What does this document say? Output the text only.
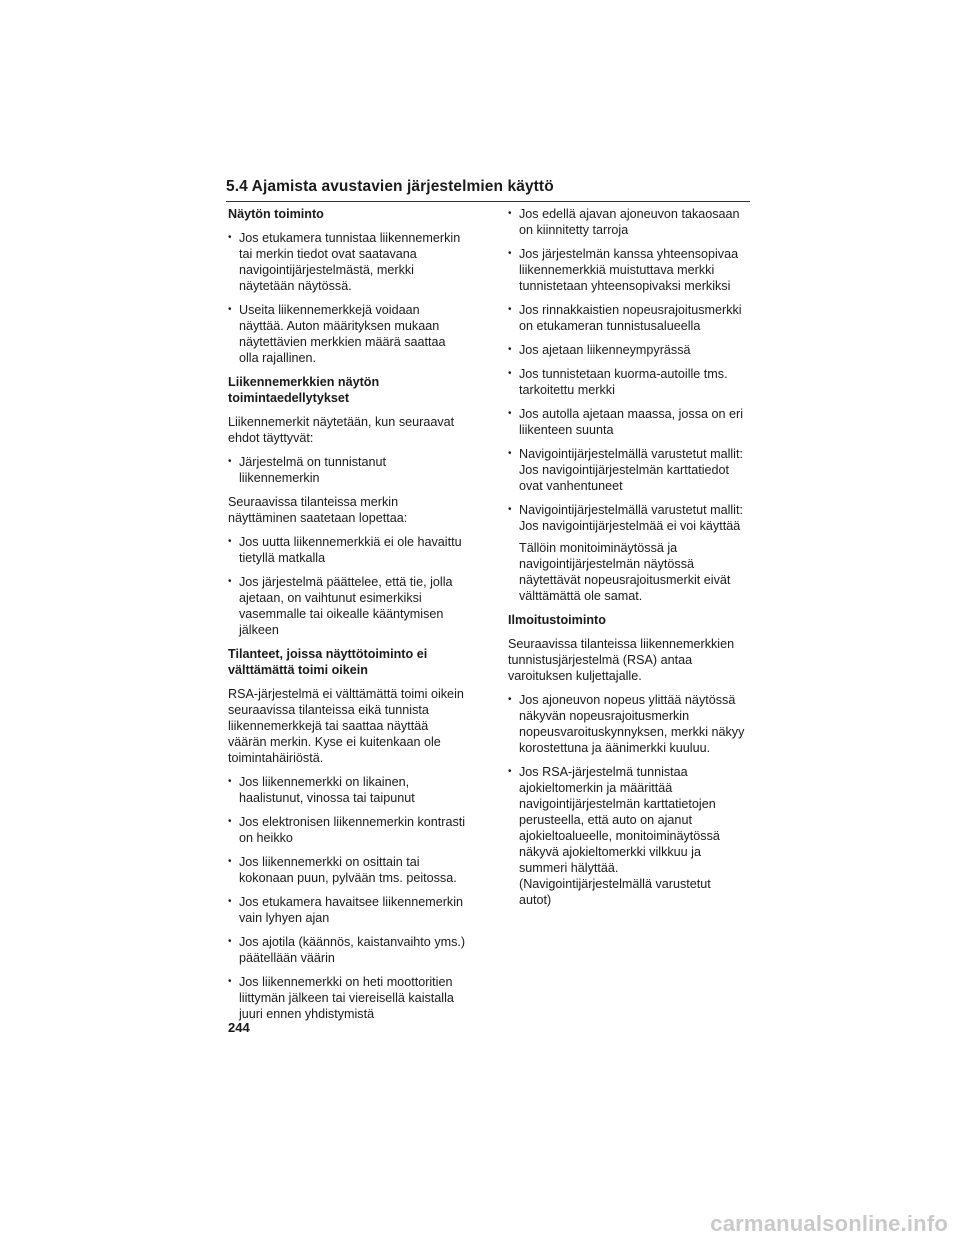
5.4 Ajamista avustavien järjestelmien käyttö
Näytön toiminto
• Jos etukamera tunnistaa liikennemerkin tai merkin tiedot ovat saatavana navigointijärjestelmästä, merkki näytetään näytössä.
• Useita liikennemerkkejä voidaan näyttää. Auton määrityksen mukaan näytettävien merkkien määrä saattaa olla rajallinen.
Liikennemerkkien näytön toimintaedellytykset
Liikennemerkit näytetään, kun seuraavat ehdot täyttyvät:
• Järjestelmä on tunnistanut liikennemerkin
Seuraavissa tilanteissa merkin näyttäminen saatetaan lopettaa:
• Jos uutta liikennemerkkiä ei ole havaittu tietyllä matkalla
• Jos järjestelmä päättelee, että tie, jolla ajetaan, on vaihtunut esimerkiksi vasemmalle tai oikealle kääntymisen jälkeen
Tilanteet, joissa näyttötoiminto ei välttämättä toimi oikein
RSA-järjestelmä ei välttämättä toimi oikein seuraavissa tilanteissa eikä tunnista liikennemerkkejä tai saattaa näyttää väärän merkin. Kyse ei kuitenkaan ole toimintahäiriöstä.
• Jos liikennemerkki on likainen, haalistunut, vinossa tai taipunut
• Jos elektronisen liikennemerkin kontrasti on heikko
• Jos liikennemerkki on osittain tai kokonaan puun, pylvään tms. peitossa.
• Jos etukamera havaitsee liikennemerkin vain lyhyen ajan
• Jos ajotila (käännös, kaistanvaihto yms.) päätellään väärin
• Jos liikennemerkki on heti moottoritien liittymän jälkeen tai viereisellä kaistalla juuri ennen yhdistymistä
• Jos edellä ajavan ajoneuvon takaosaan on kiinnitetty tarroja
• Jos järjestelmän kanssa yhteensopivaa liikennemerkkiä muistuttava merkki tunnistetaan yhteensopivaksi merkiksi
• Jos rinnakkaistien nopeusrajoitusmerkki on etukameran tunnistusalueella
• Jos ajetaan liikenneympyrässä
• Jos tunnistetaan kuorma-autoille tms. tarkoitettu merkki
• Jos autolla ajetaan maassa, jossa on eri liikenteen suunta
• Navigointijärjestelmällä varustetut mallit: Jos navigointijärjestelmän karttatiedot ovat vanhentuneet
• Navigointijärjestelmällä varustetut mallit: Jos navigointijärjestelmää ei voi käyttää
Tällöin monitoiminäytössä ja navigointijärjestelmän näytössä näytettävät nopeusrajoitusmerkit eivät välttämättä ole samat.
Ilmoitustoiminto
Seuraavissa tilanteissa liikennemerkkien tunnistusjärjestelmä (RSA) antaa varoituksen kuljettajalle.
• Jos ajoneuvon nopeus ylittää näytössä näkyvän nopeusrajoitusmerkin nopeusvaroituskynnyksen, merkki näkyy korostettuna ja äänimerkki kuuluu.
• Jos RSA-järjestelmä tunnistaa ajokieltomerkin ja määrittää navigointijärjestelmän karttatietojen perusteella, että auto on ajanut ajokieltoalueelle, monitoiminäytössä näkyvä ajokieltomerkki vilkkuu ja summeri hälyttää. (Navigointijärjestelmällä varustetut autot)
244
carmanualsonline.info
